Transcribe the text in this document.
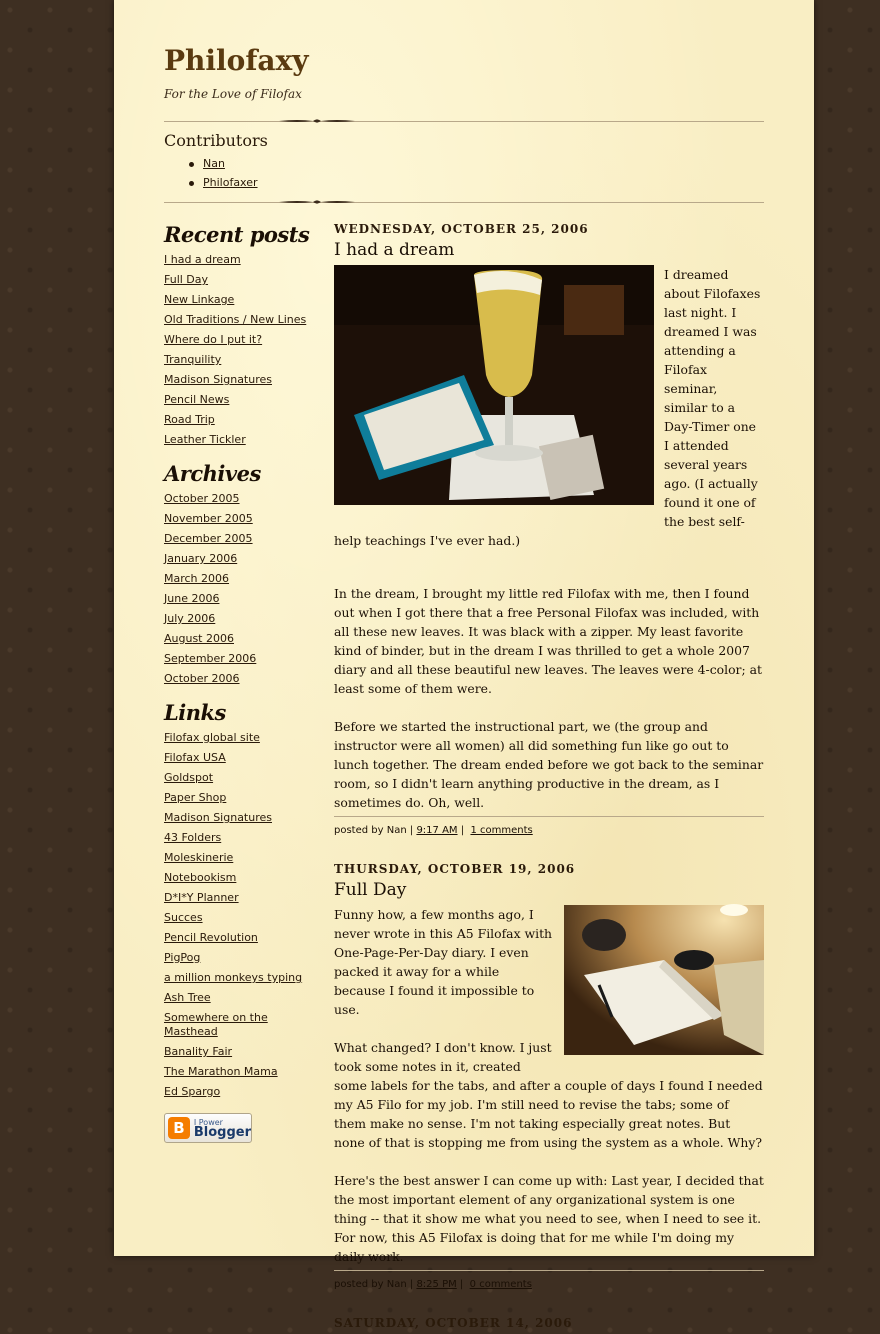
Philofaxy
For the Love of Filofax
Contributors
Nan
Philofaxer
Recent posts
I had a dream
Full Day
New Linkage
Old Traditions / New Lines
Where do I put it?
Tranquility
Madison Signatures
Pencil News
Road Trip
Leather Tickler
Archives
October 2005
November 2005
December 2005
January 2006
March 2006
June 2006
July 2006
August 2006
September 2006
October 2006
Links
Filofax global site
Filofax USA
Goldspot
Paper Shop
Madison Signatures
43 Folders
Moleskinerie
Notebookism
D*I*Y Planner
Succes
Pencil Revolution
PigPog
a million monkeys typing
Ash Tree
Somewhere on the Masthead
Banality Fair
The Marathon Mama
Ed Spargo
B	I Power
Blogger
WEDNESDAY, OCTOBER 25, 2006
I had a dream

I dreamed about Filofaxes last night. I dreamed I was attending a Filofax seminar, similar to a Day-Timer one I attended several years ago. (I actually found it one of the best self-help teachings I've ever had.)

In the dream, I brought my little red Filofax with me, then I found out when I got there that a free Personal Filofax was included, with all these new leaves. It was black with a zipper. My least favorite kind of binder, but in the dream I was thrilled to get a whole 2007 diary and all these beautiful new leaves. The leaves were 4-color; at least some of them were.

Before we started the instructional part, we (the group and instructor were all women) all did something fun like go out to lunch together. The dream ended before we got back to the seminar room, so I didn't learn anything productive in the dream, as I sometimes do. Oh, well.

posted by Nan | 9:17 AM | 1 comments
THURSDAY, OCTOBER 19, 2006
Full Day

Funny how, a few months ago, I never wrote in this A5 Filofax with One-Page-Per-Day diary. I even packed it away for a while because I found it impossible to use.

What changed? I don't know. I just took some notes in it, created some labels for the tabs, and after a couple of days I found I needed my A5 Filo for my job. I'm still need to revise the tabs; some of them make no sense. I'm not taking especially great notes. But none of that is stopping me from using the system as a whole. Why?

Here's the best answer I can come up with: Last year, I decided that the most important element of any organizational system is one thing -- that it show me what you need to see, when I need to see it. For now, this A5 Filofax is doing that for me while I'm doing my daily work.

posted by Nan | 8:25 PM | 0 comments
SATURDAY, OCTOBER 14, 2006
